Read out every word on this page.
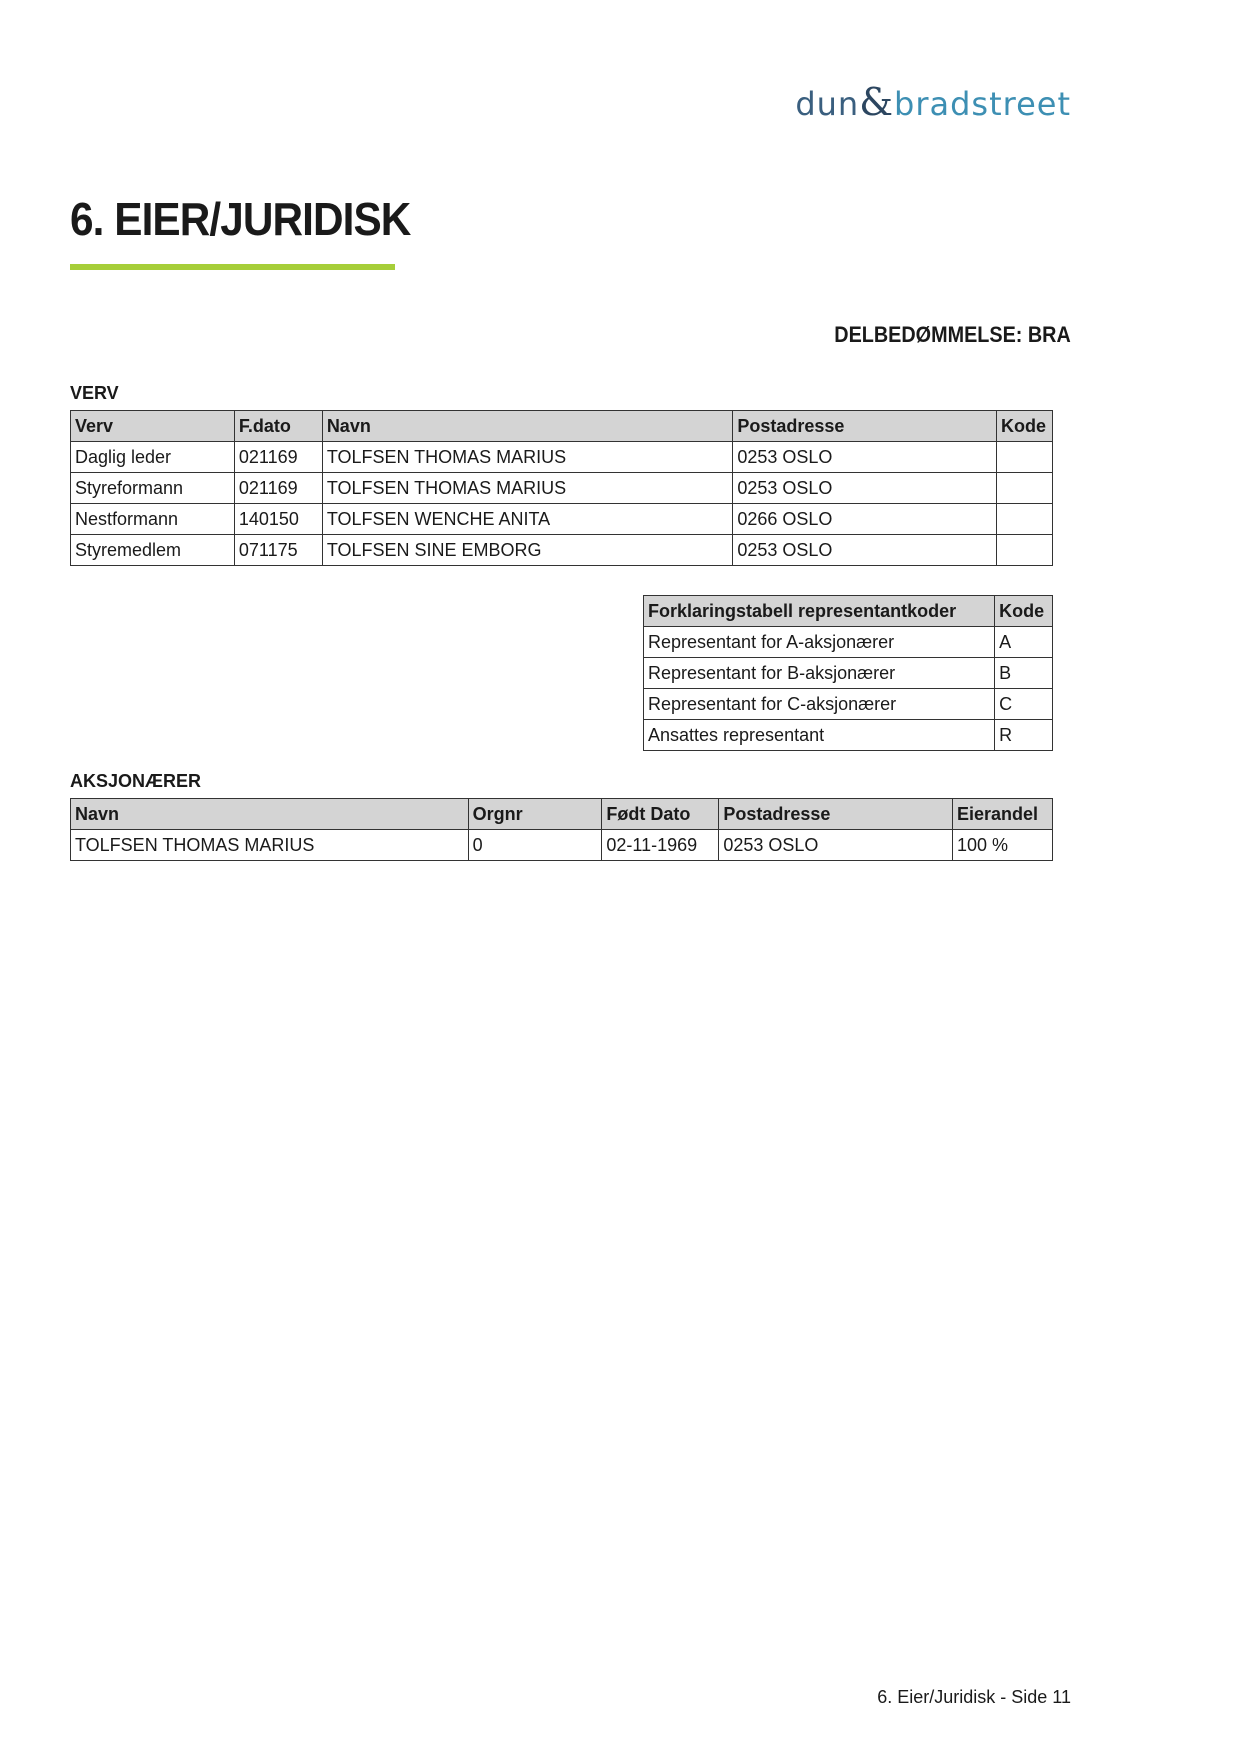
dun&bradstreet
6. EIER/JURIDISK
DELBEDØMMELSE: BRA
VERV
Verv	F.dato	Navn	Postadresse	Kode
Daglig leder	021169	TOLFSEN THOMAS MARIUS	0253 OSLO	
Styreformann	021169	TOLFSEN THOMAS MARIUS	0253 OSLO	
Nestformann	140150	TOLFSEN WENCHE ANITA	0266 OSLO	
Styremedlem	071175	TOLFSEN SINE EMBORG	0253 OSLO	
Forklaringstabell representantkoder	Kode
Representant for A-aksjonærer	A
Representant for B-aksjonærer	B
Representant for C-aksjonærer	C
Ansattes representant	R
AKSJONÆRER
Navn	Orgnr	Født Dato	Postadresse	Eierandel
TOLFSEN THOMAS MARIUS	0	02-11-1969	0253 OSLO	100 %
6. Eier/Juridisk - Side 11
